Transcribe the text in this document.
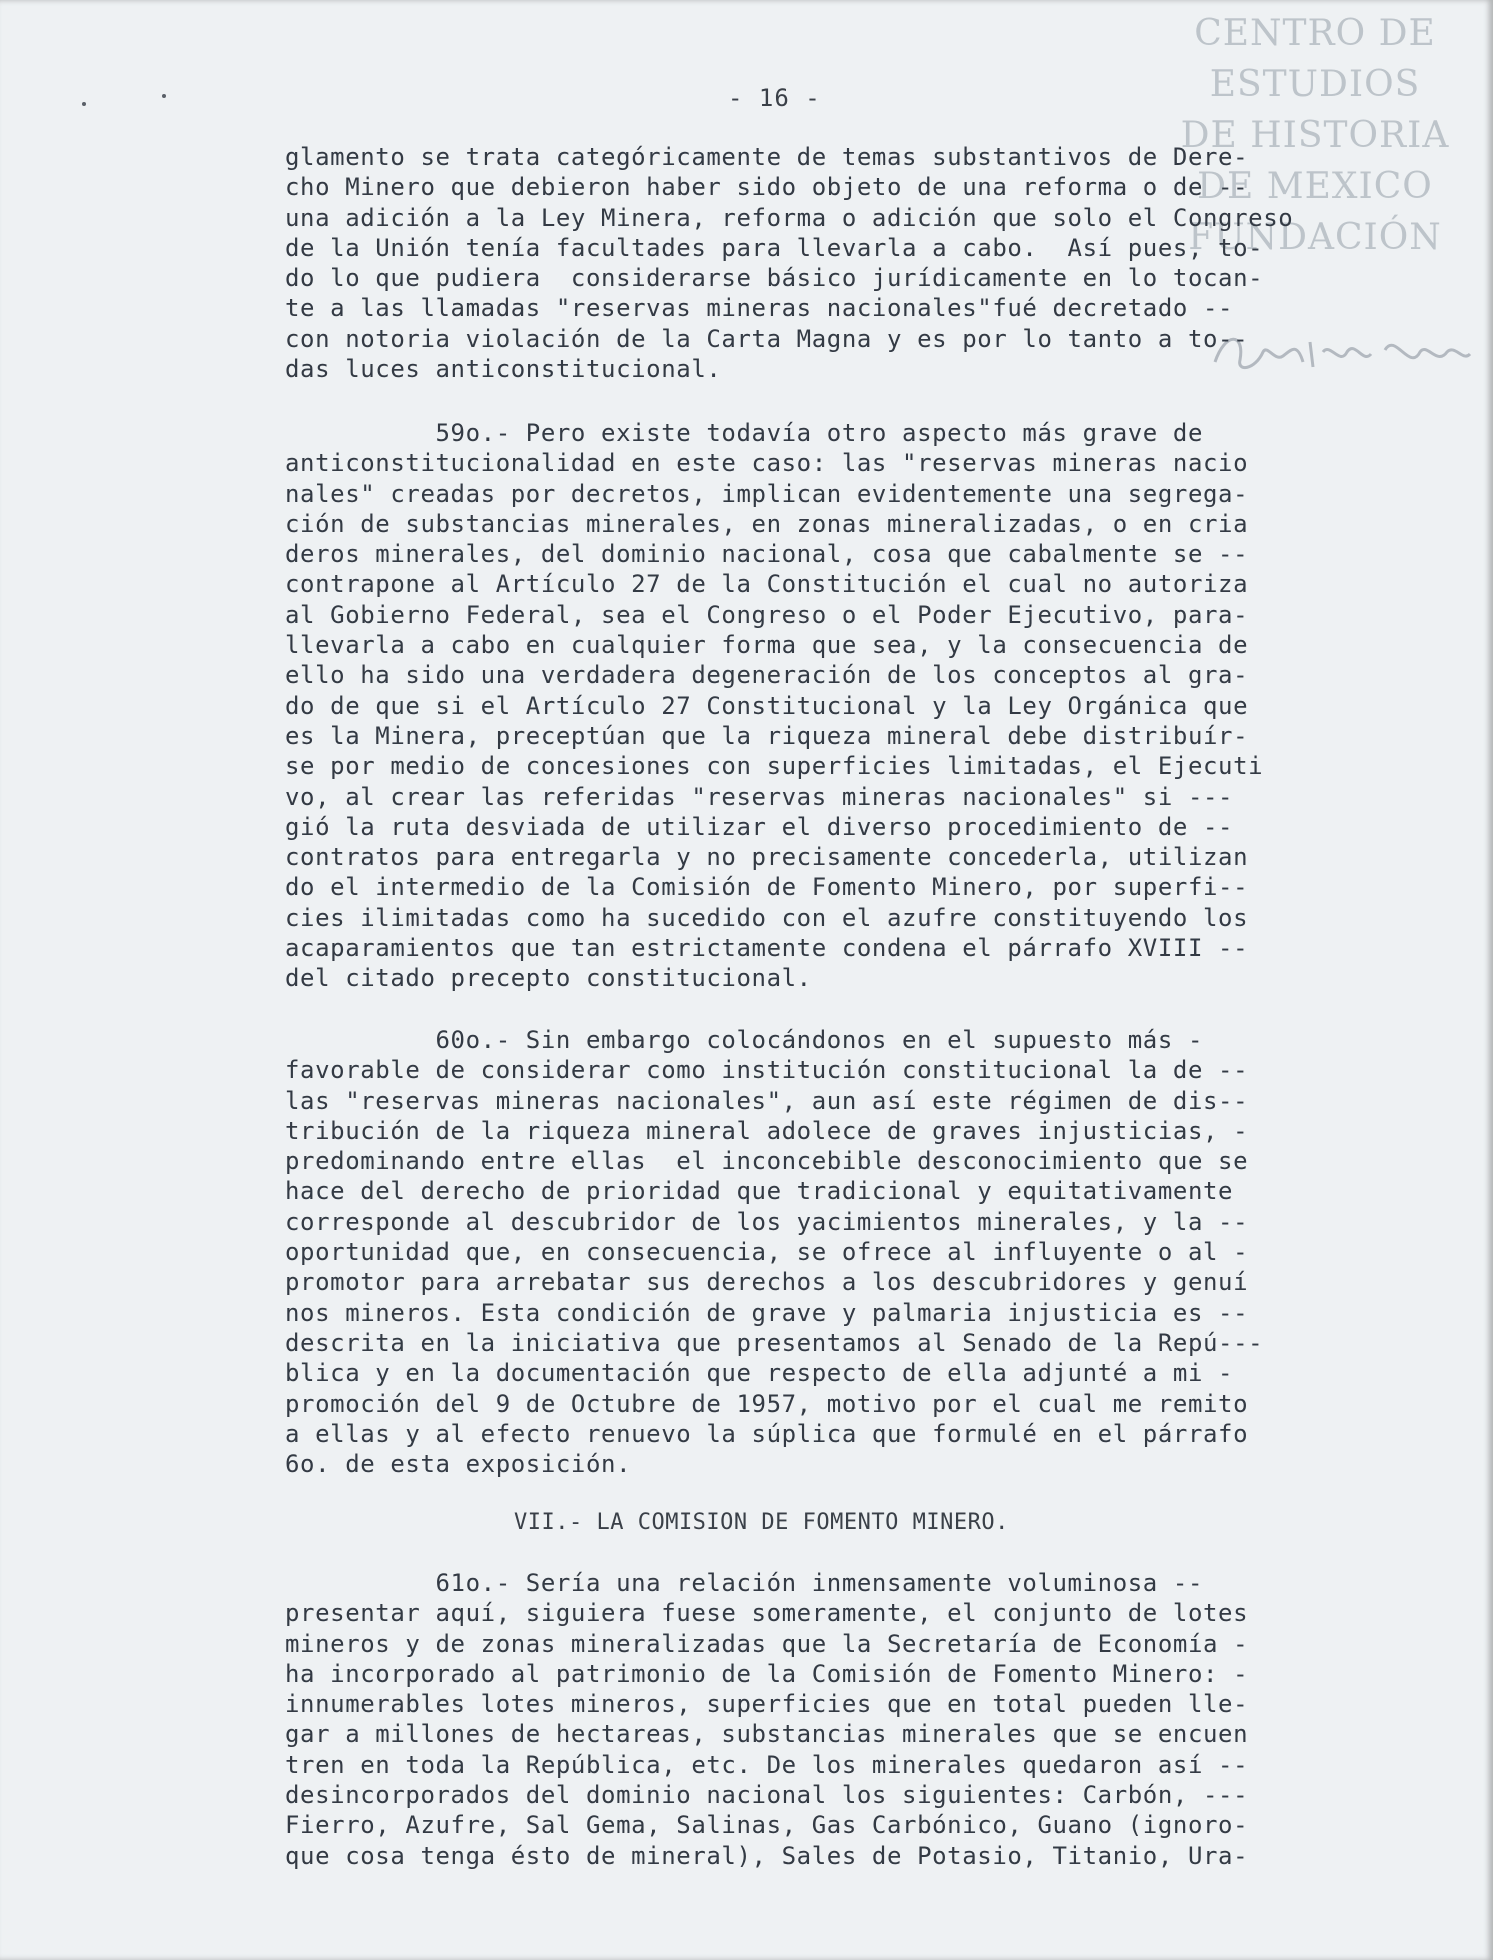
CENTRO DE
ESTUDIOS
DE HISTORIA
DE MEXICO
FUNDACIÓN
Carlos Slim
- 16 -
glamento se trata categóricamente de temas substantivos de Dere-
cho Minero que debieron haber sido objeto de una reforma o de --
una adición a la Ley Minera, reforma o adición que solo el Congreso
de la Unión tenía facultades para llevarla a cabo.  Así pues, to-
do lo que pudiera  considerarse básico jurídicamente en lo tocan-
te a las llamadas "reservas mineras nacionales"fué decretado --
con notoria violación de la Carta Magna y es por lo tanto a to--
das luces anticonstitucional.
59o.- Pero existe todavía otro aspecto más grave de
anticonstitucionalidad en este caso: las "reservas mineras nacio
nales" creadas por decretos, implican evidentemente una segrega-
ción de substancias minerales, en zonas mineralizadas, o en cria
deros minerales, del dominio nacional, cosa que cabalmente se --
contrapone al Artículo 27 de la Constitución el cual no autoriza
al Gobierno Federal, sea el Congreso o el Poder Ejecutivo, para-
llevarla a cabo en cualquier forma que sea, y la consecuencia de
ello ha sido una verdadera degeneración de los conceptos al gra-
do de que si el Artículo 27 Constitucional y la Ley Orgánica que
es la Minera, preceptúan que la riqueza mineral debe distribuír-
se por medio de concesiones con superficies limitadas, el Ejecuti
vo, al crear las referidas "reservas mineras nacionales" si ---
gió la ruta desviada de utilizar el diverso procedimiento de --
contratos para entregarla y no precisamente concederla, utilizan
do el intermedio de la Comisión de Fomento Minero, por superfi--
cies ilimitadas como ha sucedido con el azufre constituyendo los
acaparamientos que tan estrictamente condena el párrafo XVIII --
del citado precepto constitucional.
60o.- Sin embargo colocándonos en el supuesto más -
favorable de considerar como institución constitucional la de --
las "reservas mineras nacionales", aun así este régimen de dis--
tribución de la riqueza mineral adolece de graves injusticias, -
predominando entre ellas  el inconcebible desconocimiento que se
hace del derecho de prioridad que tradicional y equitativamente
corresponde al descubridor de los yacimientos minerales, y la --
oportunidad que, en consecuencia, se ofrece al influyente o al -
promotor para arrebatar sus derechos a los descubridores y genuí
nos mineros. Esta condición de grave y palmaria injusticia es --
descrita en la iniciativa que presentamos al Senado de la Repú---
blica y en la documentación que respecto de ella adjunté a mi -
promoción del 9 de Octubre de 1957, motivo por el cual me remito
a ellas y al efecto renuevo la súplica que formulé en el párrafo
6o. de esta exposición.
VII.- LA COMISION DE FOMENTO MINERO.
61o.- Sería una relación inmensamente voluminosa --
presentar aquí, siguiera fuese someramente, el conjunto de lotes
mineros y de zonas mineralizadas que la Secretaría de Economía -
ha incorporado al patrimonio de la Comisión de Fomento Minero: -
innumerables lotes mineros, superficies que en total pueden lle-
gar a millones de hectareas, substancias minerales que se encuen
tren en toda la República, etc. De los minerales quedaron así --
desincorporados del dominio nacional los siguientes: Carbón, ---
Fierro, Azufre, Sal Gema, Salinas, Gas Carbónico, Guano (ignoro-
que cosa tenga ésto de mineral), Sales de Potasio, Titanio, Ura-
